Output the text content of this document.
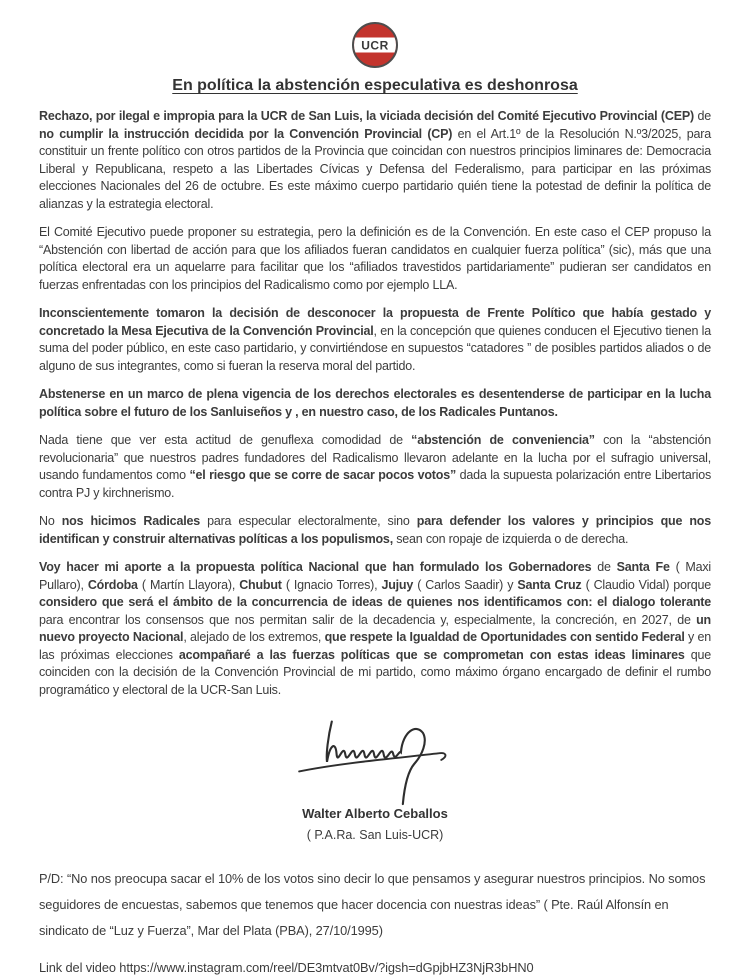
UCR
En política la abstención especulativa es deshonrosa

Rechazo, por ilegal e impropia para la UCR de San Luis, la viciada decisión del Comité Ejecutivo Provincial (CEP) de no cumplir la instrucción decidida por la Convención Provincial (CP) en el Art.1º de la Resolución N.º3/2025, para constituir un frente político con otros partidos de la Provincia que coincidan con nuestros principios liminares de: Democracia Liberal y Republicana, respeto a las Libertades Cívicas y Defensa del Federalismo, para participar en las próximas elecciones Nacionales del 26 de octubre. Es este máximo cuerpo partidario quién tiene la potestad de definir la política de alianzas y la estrategia electoral.

El Comité Ejecutivo puede proponer su estrategia, pero la definición es de la Convención. En este caso el CEP propuso la “Abstención con libertad de acción para que los afiliados fueran candidatos en cualquier fuerza política” (sic), más que una política electoral era un aquelarre para facilitar que los “afiliados travestidos partidariamente” pudieran ser candidatos en fuerzas enfrentadas con los principios del Radicalismo como por ejemplo LLA.

Inconscientemente tomaron la decisión de desconocer la propuesta de Frente Político que había gestado y concretado la Mesa Ejecutiva de la Convención Provincial, en la concepción que quienes conducen el Ejecutivo tienen la suma del poder público, en este caso partidario, y convirtiéndose en supuestos “catadores ” de posibles partidos aliados o de alguno de sus integrantes, como si fueran la reserva moral del partido.

Abstenerse en un marco de plena vigencia de los derechos electorales es desentenderse de participar en la lucha política sobre el futuro de los Sanluiseños y , en nuestro caso, de los Radicales Puntanos.

Nada tiene que ver esta actitud de genuflexa comodidad de “abstención de conveniencia” con la “abstención revolucionaria” que nuestros padres fundadores del Radicalismo llevaron adelante en la lucha por el sufragio universal, usando fundamentos como “el riesgo que se corre de sacar pocos votos” dada la supuesta polarización entre Libertarios contra PJ y kirchnerismo.

No nos hicimos Radicales para especular electoralmente, sino para defender los valores y principios que nos identifican y construir alternativas políticas a los populismos, sean con ropaje de izquierda o de derecha.

Voy hacer mi aporte a la propuesta política Nacional que han formulado los Gobernadores de Santa Fe ( Maxi Pullaro), Córdoba ( Martín Llayora), Chubut ( Ignacio Torres), Jujuy ( Carlos Saadir) y Santa Cruz ( Claudio Vidal) porque considero que será el ámbito de la concurrencia de ideas de quienes nos identificamos con: el dialogo tolerante para encontrar los consensos que nos permitan salir de la decadencia y, especialmente, la concreción, en 2027, de un nuevo proyecto Nacional, alejado de los extremos, que respete la Igualdad de Oportunidades con sentido Federal y en las próximas elecciones acompañaré a las fuerzas políticas que se comprometan con estas ideas liminares que coinciden con la decisión de la Convención Provincial de mi partido, como máximo órgano encargado de definir el rumbo programático y electoral de la UCR-San Luis.

Walter Alberto Ceballos
( P.A.Ra. San Luis-UCR)
P/D: “No nos preocupa sacar el 10% de los votos sino decir lo que pensamos y asegurar nuestros principios. No somos seguidores de encuestas, sabemos que tenemos que hacer docencia con nuestras ideas” ( Pte. Raúl Alfonsín en sindicato de “Luz y Fuerza”, Mar del Plata (PBA), 27/10/1995)
Link del video https://www.instagram.com/reel/DE3mtvat0Bv/?igsh=dGpjbHZ3NjR3bHN0
